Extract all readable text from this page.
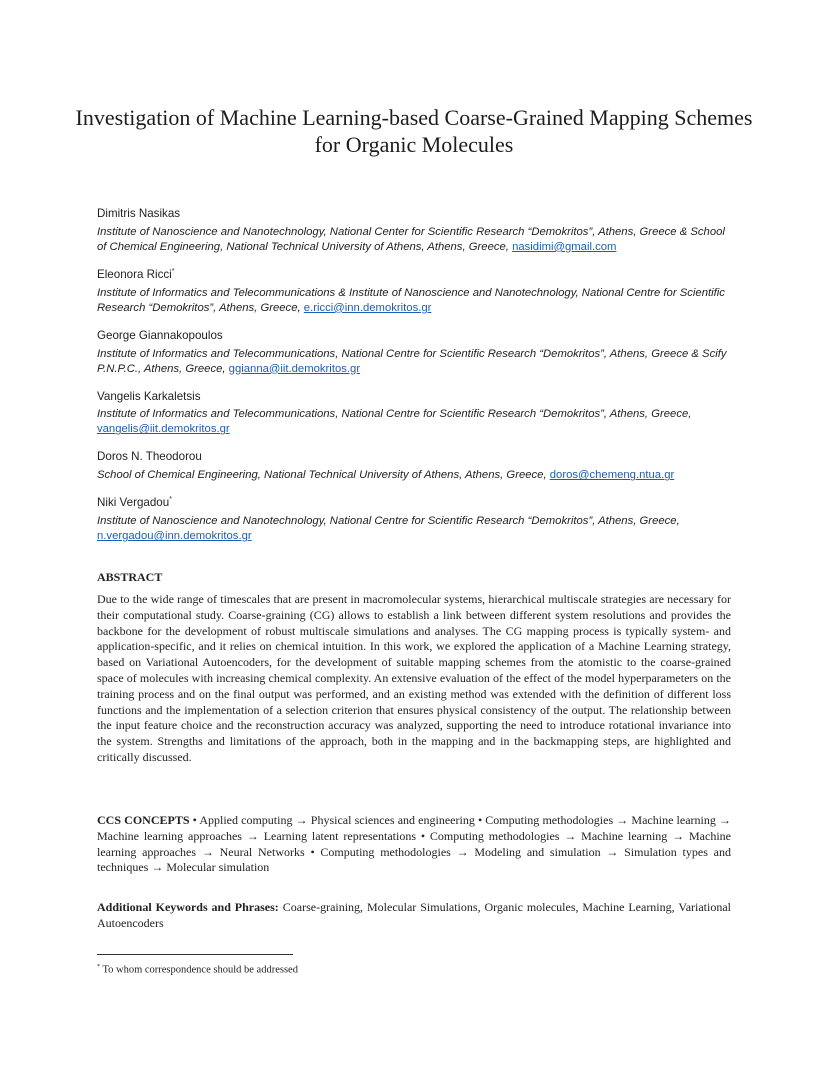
Investigation of Machine Learning-based Coarse-Grained Mapping Schemes for Organic Molecules
Dimitris Nasikas
Institute of Nanoscience and Nanotechnology, National Center for Scientific Research “Demokritos”, Athens, Greece & School of Chemical Engineering, National Technical University of Athens, Athens, Greece, nasidimi@gmail.com
Eleonora Ricci*
Institute of Informatics and Telecommunications & Institute of Nanoscience and Nanotechnology, National Centre for Scientific Research “Demokritos”, Athens, Greece, e.ricci@inn.demokritos.gr
George Giannakopoulos
Institute of Informatics and Telecommunications, National Centre for Scientific Research “Demokritos”, Athens, Greece & Scify P.N.P.C., Athens, Greece, ggianna@iit.demokritos.gr
Vangelis Karkaletsis
Institute of Informatics and Telecommunications, National Centre for Scientific Research “Demokritos”, Athens, Greece, vangelis@iit.demokritos.gr
Doros N. Theodorou
School of Chemical Engineering, National Technical University of Athens, Athens, Greece, doros@chemeng.ntua.gr
Niki Vergadou*
Institute of Nanoscience and Nanotechnology, National Centre for Scientific Research “Demokritos”, Athens, Greece, n.vergadou@inn.demokritos.gr
ABSTRACT
Due to the wide range of timescales that are present in macromolecular systems, hierarchical multiscale strategies are necessary for their computational study. Coarse-graining (CG) allows to establish a link between different system resolutions and provides the backbone for the development of robust multiscale simulations and analyses. The CG mapping process is typically system- and application-specific, and it relies on chemical intuition. In this work, we explored the application of a Machine Learning strategy, based on Variational Autoencoders, for the development of suitable mapping schemes from the atomistic to the coarse-grained space of molecules with increasing chemical complexity. An extensive evaluation of the effect of the model hyperparameters on the training process and on the final output was performed, and an existing method was extended with the definition of different loss functions and the implementation of a selection criterion that ensures physical consistency of the output. The relationship between the input feature choice and the reconstruction accuracy was analyzed, supporting the need to introduce rotational invariance into the system. Strengths and limitations of the approach, both in the mapping and in the backmapping steps, are highlighted and critically discussed.
CCS CONCEPTS • Applied computing → Physical sciences and engineering • Computing methodologies → Machine learning → Machine learning approaches → Learning latent representations • Computing methodologies → Machine learning → Machine learning approaches → Neural Networks • Computing methodologies → Modeling and simulation → Simulation types and techniques → Molecular simulation
Additional Keywords and Phrases: Coarse-graining, Molecular Simulations, Organic molecules, Machine Learning, Variational Autoencoders
* To whom correspondence should be addressed
